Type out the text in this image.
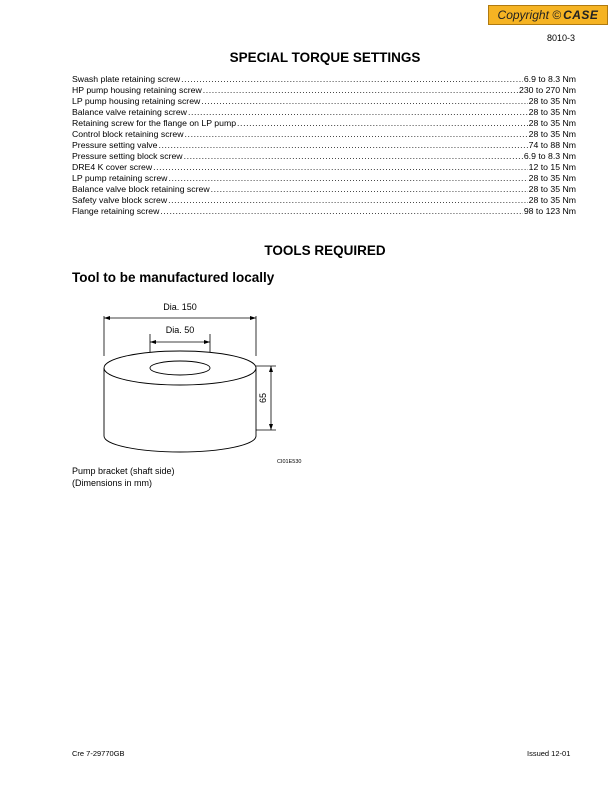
Copyright © CASE
8010-3
SPECIAL TORQUE SETTINGS
Swash plate retaining screw .....	6.9 to 8.3 Nm
HP pump housing retaining screw .....	230 to 270 Nm
LP pump housing retaining screw .....	28 to 35 Nm
Balance valve retaining screw .....	28 to 35 Nm
Retaining screw for the flange on LP pump .....	28 to 35 Nm
Control block retaining screw .....	28 to 35 Nm
Pressure setting valve .....	74 to 88 Nm
Pressure setting block screw .....	6.9 to 8.3 Nm
DRE4 K cover screw .....	12 to 15 Nm
LP pump retaining screw .....	28 to 35 Nm
Balance valve block retaining screw .....	28 to 35 Nm
Safety valve block screw .....	28 to 35 Nm
Flange retaining screw .....	98 to 123 Nm
TOOLS REQUIRED
Tool to be manufactured locally
Dia. 150
Dia. 50
65
CI01E530
Pump bracket (shaft side)
(Dimensions in mm)
Cre 7-29770GB	Issued 12-01
